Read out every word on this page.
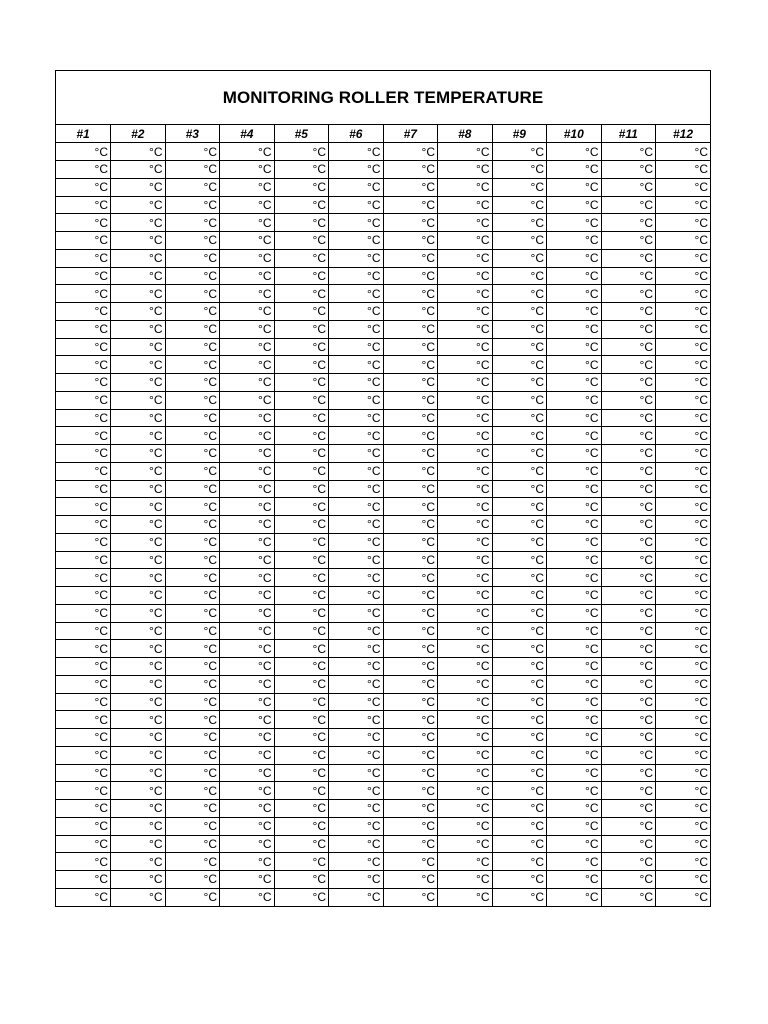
MONITORING ROLLER TEMPERATURE
#1	#2	#3	#4	#5	#6	#7	#8	#9	#10	#11	#12
°C	°C	°C	°C	°C	°C	°C	°C	°C	°C	°C	°C
°C	°C	°C	°C	°C	°C	°C	°C	°C	°C	°C	°C
°C	°C	°C	°C	°C	°C	°C	°C	°C	°C	°C	°C
°C	°C	°C	°C	°C	°C	°C	°C	°C	°C	°C	°C
°C	°C	°C	°C	°C	°C	°C	°C	°C	°C	°C	°C
°C	°C	°C	°C	°C	°C	°C	°C	°C	°C	°C	°C
°C	°C	°C	°C	°C	°C	°C	°C	°C	°C	°C	°C
°C	°C	°C	°C	°C	°C	°C	°C	°C	°C	°C	°C
°C	°C	°C	°C	°C	°C	°C	°C	°C	°C	°C	°C
°C	°C	°C	°C	°C	°C	°C	°C	°C	°C	°C	°C
°C	°C	°C	°C	°C	°C	°C	°C	°C	°C	°C	°C
°C	°C	°C	°C	°C	°C	°C	°C	°C	°C	°C	°C
°C	°C	°C	°C	°C	°C	°C	°C	°C	°C	°C	°C
°C	°C	°C	°C	°C	°C	°C	°C	°C	°C	°C	°C
°C	°C	°C	°C	°C	°C	°C	°C	°C	°C	°C	°C
°C	°C	°C	°C	°C	°C	°C	°C	°C	°C	°C	°C
°C	°C	°C	°C	°C	°C	°C	°C	°C	°C	°C	°C
°C	°C	°C	°C	°C	°C	°C	°C	°C	°C	°C	°C
°C	°C	°C	°C	°C	°C	°C	°C	°C	°C	°C	°C
°C	°C	°C	°C	°C	°C	°C	°C	°C	°C	°C	°C
°C	°C	°C	°C	°C	°C	°C	°C	°C	°C	°C	°C
°C	°C	°C	°C	°C	°C	°C	°C	°C	°C	°C	°C
°C	°C	°C	°C	°C	°C	°C	°C	°C	°C	°C	°C
°C	°C	°C	°C	°C	°C	°C	°C	°C	°C	°C	°C
°C	°C	°C	°C	°C	°C	°C	°C	°C	°C	°C	°C
°C	°C	°C	°C	°C	°C	°C	°C	°C	°C	°C	°C
°C	°C	°C	°C	°C	°C	°C	°C	°C	°C	°C	°C
°C	°C	°C	°C	°C	°C	°C	°C	°C	°C	°C	°C
°C	°C	°C	°C	°C	°C	°C	°C	°C	°C	°C	°C
°C	°C	°C	°C	°C	°C	°C	°C	°C	°C	°C	°C
°C	°C	°C	°C	°C	°C	°C	°C	°C	°C	°C	°C
°C	°C	°C	°C	°C	°C	°C	°C	°C	°C	°C	°C
°C	°C	°C	°C	°C	°C	°C	°C	°C	°C	°C	°C
°C	°C	°C	°C	°C	°C	°C	°C	°C	°C	°C	°C
°C	°C	°C	°C	°C	°C	°C	°C	°C	°C	°C	°C
°C	°C	°C	°C	°C	°C	°C	°C	°C	°C	°C	°C
°C	°C	°C	°C	°C	°C	°C	°C	°C	°C	°C	°C
°C	°C	°C	°C	°C	°C	°C	°C	°C	°C	°C	°C
°C	°C	°C	°C	°C	°C	°C	°C	°C	°C	°C	°C
°C	°C	°C	°C	°C	°C	°C	°C	°C	°C	°C	°C
°C	°C	°C	°C	°C	°C	°C	°C	°C	°C	°C	°C
°C	°C	°C	°C	°C	°C	°C	°C	°C	°C	°C	°C
°C	°C	°C	°C	°C	°C	°C	°C	°C	°C	°C	°C
